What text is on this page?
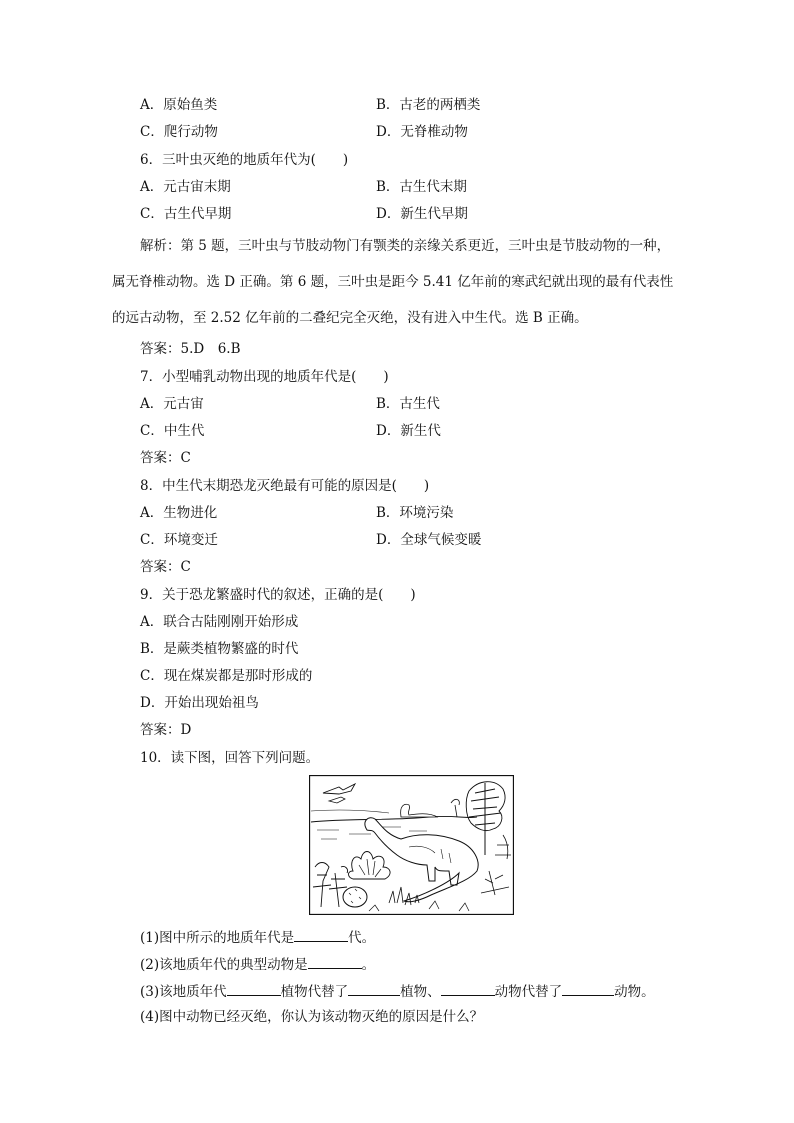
A．原始鱼类	B．古老的两栖类
C．爬行动物	D．无脊椎动物
6．三叶虫灭绝的地质年代为(　　)
A．元古宙末期	B．古生代末期
C．古生代早期	D．新生代早期
解析：第 5 题，三叶虫与节肢动物门有颚类的亲缘关系更近，三叶虫是节肢动物的一种，
属无脊椎动物。选 D 正确。第 6 题，三叶虫是距今 5.41 亿年前的寒武纪就出现的最有代表性
的远古动物，至 2.52 亿年前的二叠纪完全灭绝，没有进入中生代。选 B 正确。
答案：5.D　6.B
7．小型哺乳动物出现的地质年代是(　　)
A．元古宙	B．古生代
C．中生代	D．新生代
答案：C
8．中生代末期恐龙灭绝最有可能的原因是(　　)
A．生物进化	B．环境污染
C．环境变迁	D．全球气候变暖
答案：C
9．关于恐龙繁盛时代的叙述，正确的是(　　)
A．联合古陆刚刚开始形成
B．是蕨类植物繁盛的时代
C．现在煤炭都是那时形成的
D．开始出现始祖鸟
答案：D
10．读下图，回答下列问题。
(1)图中所示的地质年代是	代。
(2)该地质年代的典型动物是	。
(3)该地质年代	植物代替了	植物、	动物代替了	动物。
(4)图中动物已经灭绝，你认为该动物灭绝的原因是什么？
